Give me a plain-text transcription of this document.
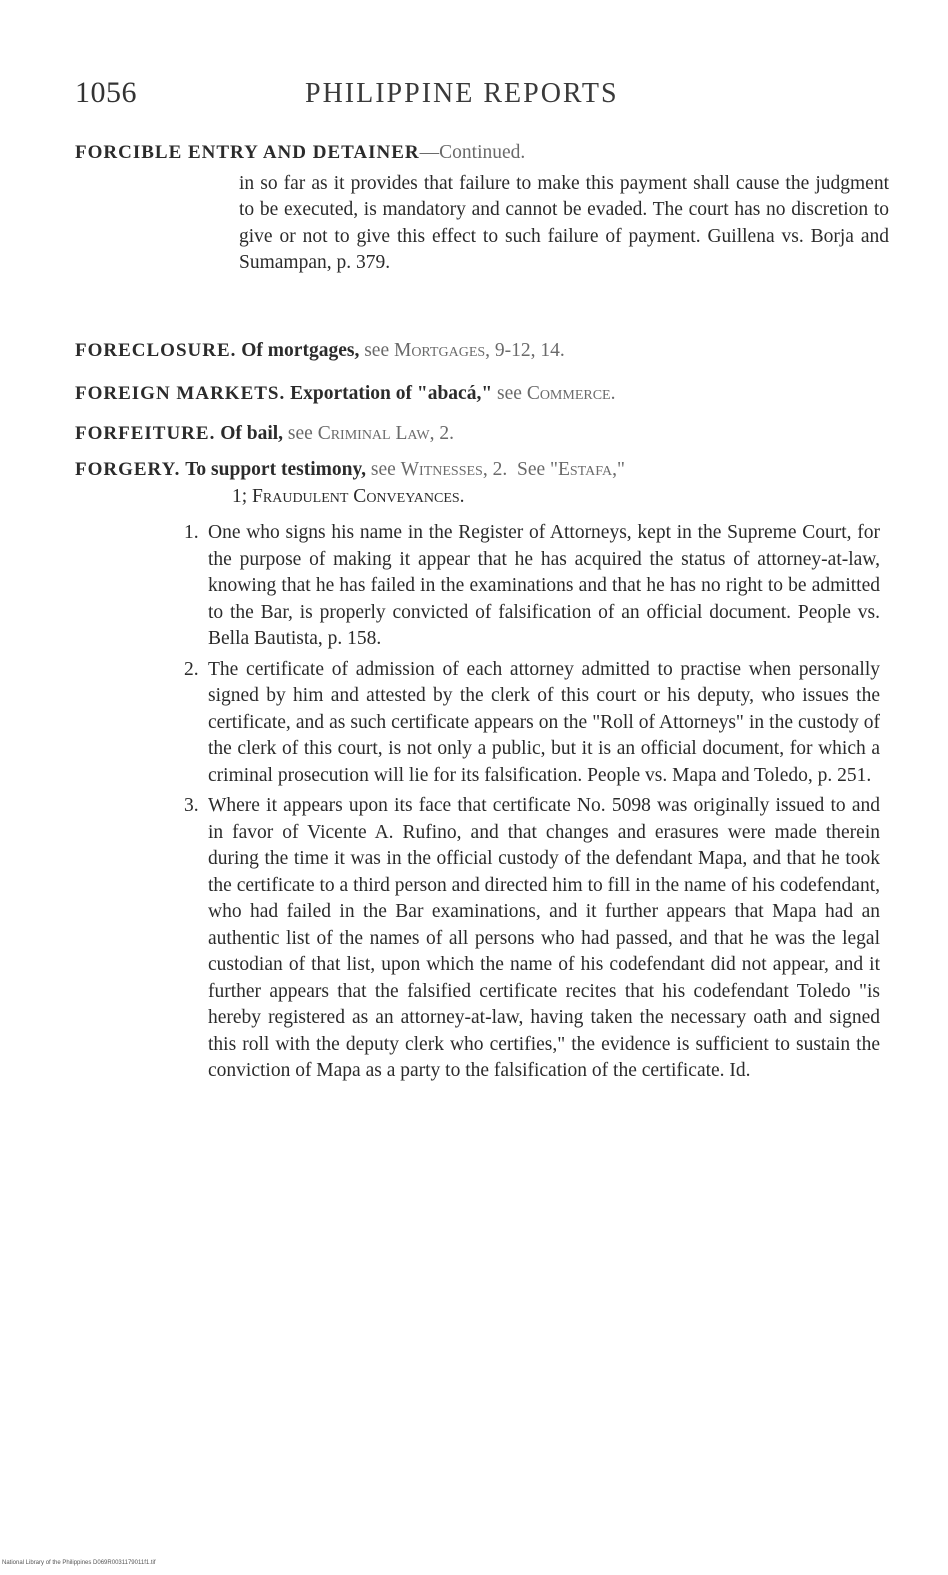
1056	PHILIPPINE REPORTS
FORCIBLE ENTRY AND DETAINER—Continued.
in so far as it provides that failure to make this payment shall cause the judgment to be executed, is mandatory and cannot be evaded. The court has no discretion to give or not to give this effect to such failure of payment. Guillena vs. Borja and Sumampan, p. 379.
FORECLOSURE. Of mortgages, see Mortgages, 9-12, 14.
FOREIGN MARKETS. Exportation of "abacá," see Commerce.
FORFEITURE. Of bail, see Criminal Law, 2.
FORGERY. To support testimony, see Witnesses, 2. See "Estafa,"
1; Fraudulent Conveyances.
1. One who signs his name in the Register of Attorneys, kept in the Supreme Court, for the purpose of making it appear that he has acquired the status of attorney-at-law, knowing that he has failed in the examinations and that he has no right to be admitted to the Bar, is properly convicted of falsification of an official document. People vs. Bella Bautista, p. 158.
2. The certificate of admission of each attorney admitted to practise when personally signed by him and attested by the clerk of this court or his deputy, who issues the certificate, and as such certificate appears on the "Roll of Attorneys" in the custody of the clerk of this court, is not only a public, but it is an official document, for which a criminal prosecution will lie for its falsification. People vs. Mapa and Toledo, p. 251.
3. Where it appears upon its face that certificate No. 5098 was originally issued to and in favor of Vicente A. Rufino, and that changes and erasures were made therein during the time it was in the official custody of the defendant Mapa, and that he took the certificate to a third person and directed him to fill in the name of his codefendant, who had failed in the Bar examinations, and it further appears that Mapa had an authentic list of the names of all persons who had passed, and that he was the legal custodian of that list, upon which the name of his codefendant did not appear, and it further appears that the falsified certificate recites that his codefendant Toledo "is hereby registered as an attorney-at-law, having taken the necessary oath and signed this roll with the deputy clerk who certifies," the evidence is sufficient to sustain the conviction of Mapa as a party to the falsification of the certificate. Id.
National Library of the Philippines D069R0031179011f1.tif
